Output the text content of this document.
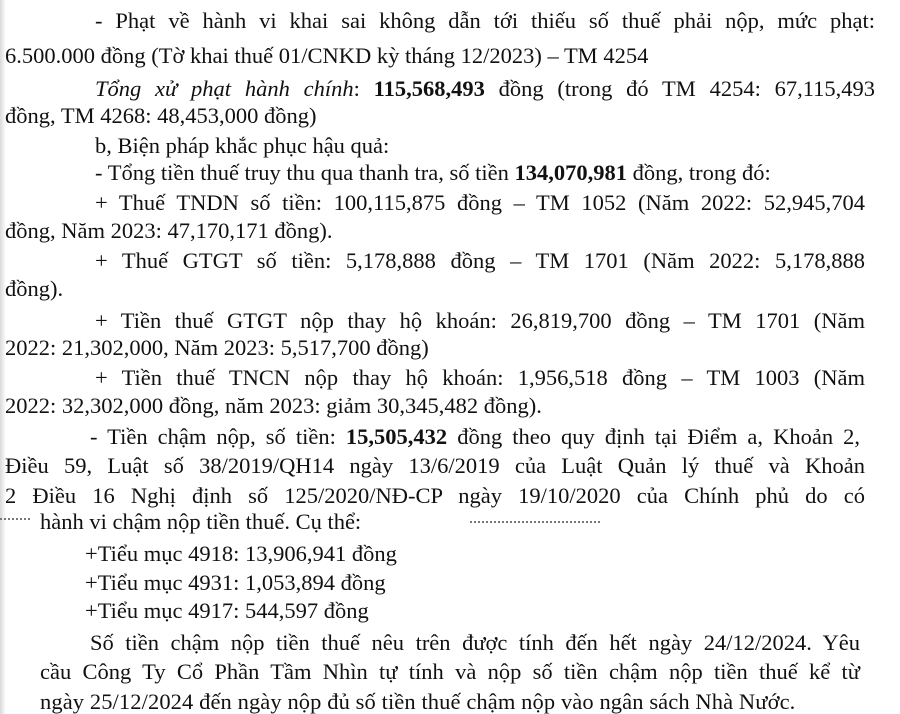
- Phạt về hành vi khai sai không dẫn tới thiếu số thuế phải nộp, mức phạt:
6.500.000 đồng (Tờ khai thuế 01/CNKD kỳ tháng 12/2023) – TM 4254
Tổng xử phạt hành chính: 115,568,493 đồng (trong đó TM 4254: 67,115,493
đồng, TM 4268: 48,453,000 đồng)
b, Biện pháp khắc phục hậu quả:
- Tổng tiền thuế truy thu qua thanh tra, số tiền 134,070,981 đồng, trong đó:
+ Thuế TNDN số tiền: 100,115,875 đồng – TM 1052 (Năm 2022: 52,945,704
đồng, Năm 2023: 47,170,171 đồng).
+ Thuế GTGT số tiền: 5,178,888 đồng – TM 1701 (Năm 2022: 5,178,888
đồng).
+ Tiền thuế GTGT nộp thay hộ khoán: 26,819,700 đồng – TM 1701 (Năm
2022: 21,302,000, Năm 2023: 5,517,700 đồng)
+ Tiền thuế TNCN nộp thay hộ khoán: 1,956,518 đồng – TM 1003 (Năm
2022: 32,302,000 đồng, năm 2023: giảm 30,345,482 đồng).
- Tiền chậm nộp, số tiền: 15,505,432 đồng theo quy định tại Điểm a, Khoản 2,
Điều 59, Luật số 38/2019/QH14 ngày 13/6/2019 của Luật Quản lý thuế và Khoản
2 Điều 16 Nghị định số 125/2020/NĐ-CP ngày 19/10/2020 của Chính phủ do có
hành vi chậm nộp tiền thuế. Cụ thể:
+Tiểu mục 4918: 13,906,941 đồng
+Tiểu mục 4931: 1,053,894 đồng
+Tiểu mục 4917: 544,597 đồng
Số tiền chậm nộp tiền thuế nêu trên được tính đến hết ngày 24/12/2024. Yêu
cầu Công Ty Cổ Phần Tầm Nhìn tự tính và nộp số tiền chậm nộp tiền thuế kể từ
ngày 25/12/2024 đến ngày nộp đủ số tiền thuế chậm nộp vào ngân sách Nhà Nước.
